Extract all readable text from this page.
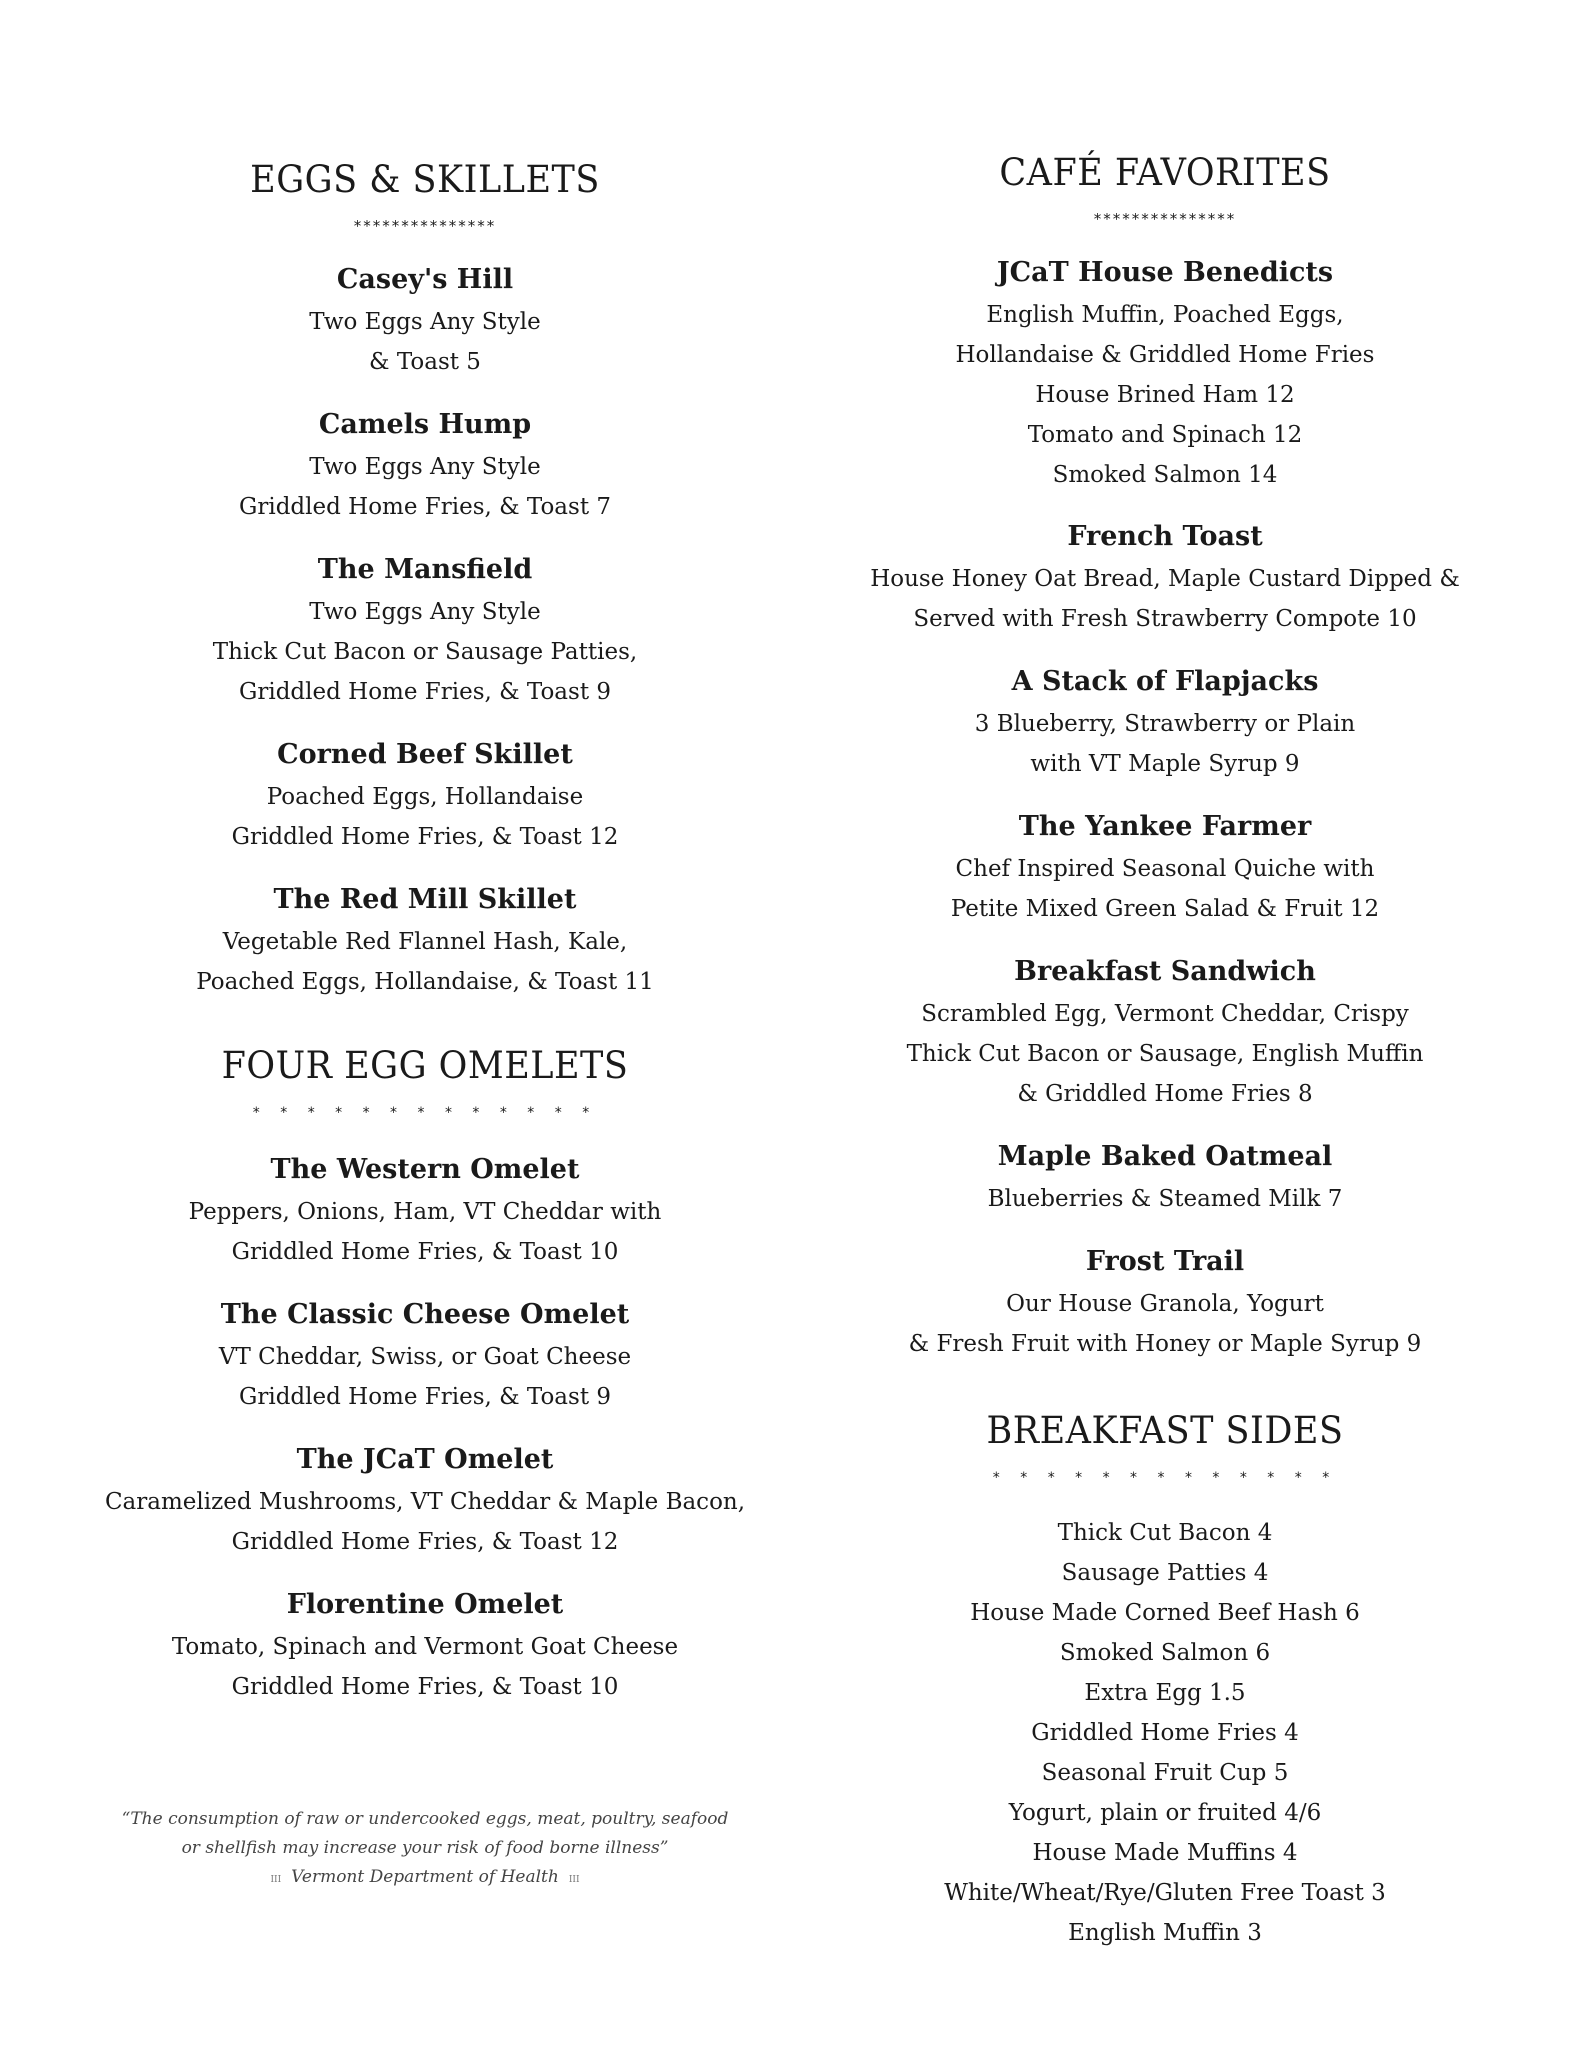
EGGS & SKILLETS
***************
Casey's Hill
Two Eggs Any Style
& Toast 5
Camels Hump
Two Eggs Any Style
Griddled Home Fries, & Toast 7
The Mansfield
Two Eggs Any Style
Thick Cut Bacon or Sausage Patties,
Griddled Home Fries, & Toast 9
Corned Beef Skillet
Poached Eggs, Hollandaise
Griddled Home Fries, & Toast 12
The Red Mill Skillet
Vegetable Red Flannel Hash, Kale,
Poached Eggs, Hollandaise, & Toast 11
FOUR EGG OMELETS
* * * * * * * * * * * * *
The Western Omelet
Peppers, Onions, Ham, VT Cheddar with
Griddled Home Fries, & Toast 10
The Classic Cheese Omelet
VT Cheddar, Swiss, or Goat Cheese
Griddled Home Fries, & Toast 9
The JCaT Omelet
Caramelized Mushrooms, VT Cheddar & Maple Bacon,
Griddled Home Fries, & Toast 12
Florentine Omelet
Tomato, Spinach and Vermont Goat Cheese
Griddled Home Fries, & Toast 10
“The consumption of raw or undercooked eggs, meat, poultry, seafood
or shellfish may increase your risk of food borne illness”
III Vermont Department of Health III
CAFÉ FAVORITES
***************
JCaT House Benedicts
English Muffin, Poached Eggs,
Hollandaise & Griddled Home Fries
House Brined Ham 12
Tomato and Spinach 12
Smoked Salmon 14
French Toast
House Honey Oat Bread, Maple Custard Dipped &
Served with Fresh Strawberry Compote 10
A Stack of Flapjacks
3 Blueberry, Strawberry or Plain
with VT Maple Syrup 9
The Yankee Farmer
Chef Inspired Seasonal Quiche with
Petite Mixed Green Salad & Fruit 12
Breakfast Sandwich
Scrambled Egg, Vermont Cheddar, Crispy
Thick Cut Bacon or Sausage, English Muffin
& Griddled Home Fries 8
Maple Baked Oatmeal
Blueberries & Steamed Milk 7
Frost Trail
Our House Granola, Yogurt
& Fresh Fruit with Honey or Maple Syrup 9
BREAKFAST SIDES
* * * * * * * * * * * * *
Thick Cut Bacon 4
Sausage Patties 4
House Made Corned Beef Hash 6
Smoked Salmon 6
Extra Egg 1.5
Griddled Home Fries 4
Seasonal Fruit Cup 5
Yogurt, plain or fruited 4/6
House Made Muffins 4
White/Wheat/Rye/Gluten Free Toast 3
English Muffin 3
